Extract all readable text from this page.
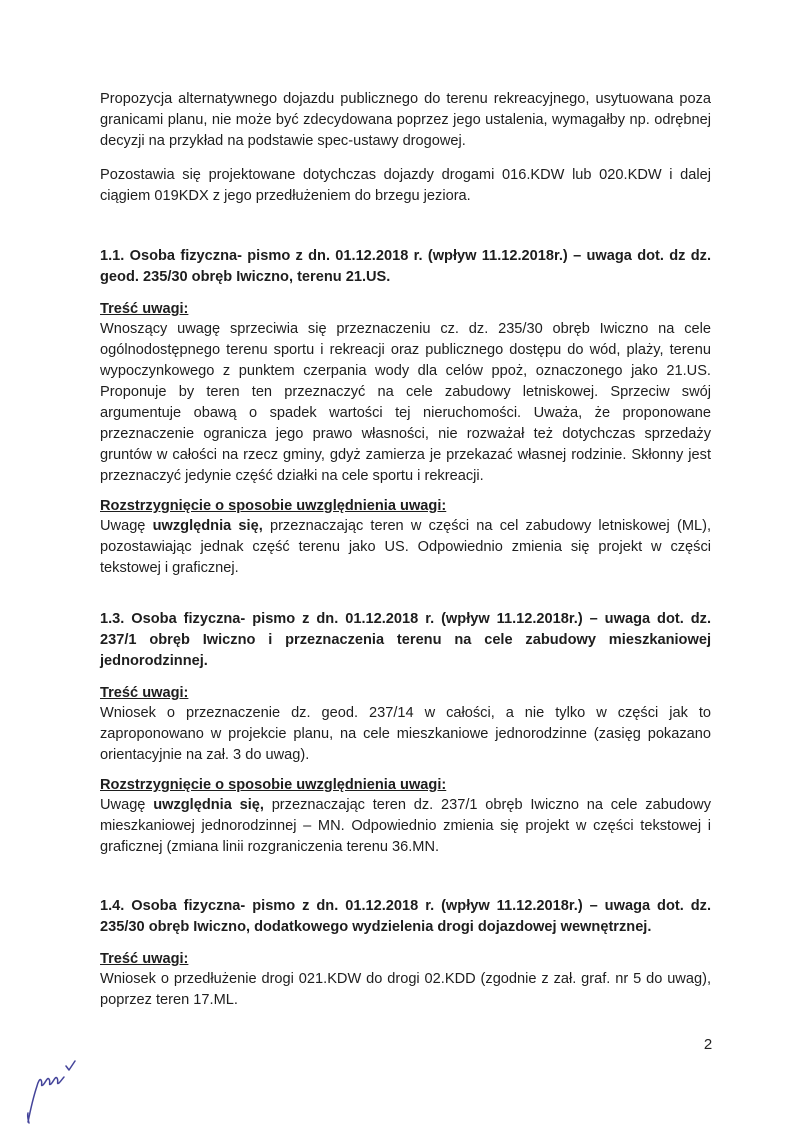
Propozycja alternatywnego dojazdu publicznego do terenu rekreacyjnego, usytuowana poza granicami planu, nie może być zdecydowana poprzez jego ustalenia, wymagałby np. odrębnej decyzji na przykład na podstawie spec-ustawy drogowej.

Pozostawia się projektowane dotychczas dojazdy drogami 016.KDW lub 020.KDW i dalej ciągiem 019KDX z jego przedłużeniem do brzegu jeziora.

1.1. Osoba fizyczna- pismo z dn. 01.12.2018 r. (wpływ 11.12.2018r.) – uwaga dot. dz dz. geod. 235/30 obręb Iwiczno, terenu 21.US.

Treść uwagi:

Wnoszący uwagę sprzeciwia się przeznaczeniu cz. dz. 235/30 obręb Iwiczno na cele ogólnodostępnego terenu sportu i rekreacji oraz publicznego dostępu do wód, plaży, terenu wypoczynkowego z punktem czerpania wody dla celów ppoż, oznaczonego jako 21.US. Proponuje by teren ten przeznaczyć na cele zabudowy letniskowej. Sprzeciw swój argumentuje obawą o spadek wartości tej nieruchomości. Uważa, że proponowane przeznaczenie ogranicza jego prawo własności, nie rozważał też dotychczas sprzedaży gruntów w całości na rzecz gminy, gdyż zamierza je przekazać własnej rodzinie. Skłonny jest przeznaczyć jedynie część działki na cele sportu i rekreacji.

Rozstrzygnięcie o sposobie uwzględnienia uwagi:

Uwagę uwzględnia się, przeznaczając teren w części na cel zabudowy letniskowej (ML), pozostawiając jednak część terenu jako US. Odpowiednio zmienia się projekt w części tekstowej i graficznej.

1.3. Osoba fizyczna- pismo z dn. 01.12.2018 r. (wpływ 11.12.2018r.) – uwaga dot. dz. 237/1 obręb Iwiczno i przeznaczenia terenu na cele zabudowy mieszkaniowej jednorodzinnej.

Treść uwagi:

Wniosek o przeznaczenie dz. geod. 237/14 w całości, a nie tylko w części jak to zaproponowano w projekcie planu, na cele mieszkaniowe jednorodzinne (zasięg pokazano orientacyjnie na zał. 3 do uwag).

Rozstrzygnięcie o sposobie uwzględnienia uwagi:

Uwagę uwzględnia się, przeznaczając teren dz. 237/1 obręb Iwiczno na cele zabudowy mieszkaniowej jednorodzinnej – MN. Odpowiednio zmienia się projekt w części tekstowej i graficznej (zmiana linii rozgraniczenia terenu 36.MN.

1.4. Osoba fizyczna- pismo z dn. 01.12.2018 r. (wpływ 11.12.2018r.) – uwaga dot. dz. 235/30 obręb Iwiczno, dodatkowego wydzielenia drogi dojazdowej wewnętrznej.

Treść uwagi:

Wniosek o przedłużenie drogi 021.KDW do drogi 02.KDD (zgodnie z zał. graf. nr 5 do uwag), poprzez teren 17.ML.

2
